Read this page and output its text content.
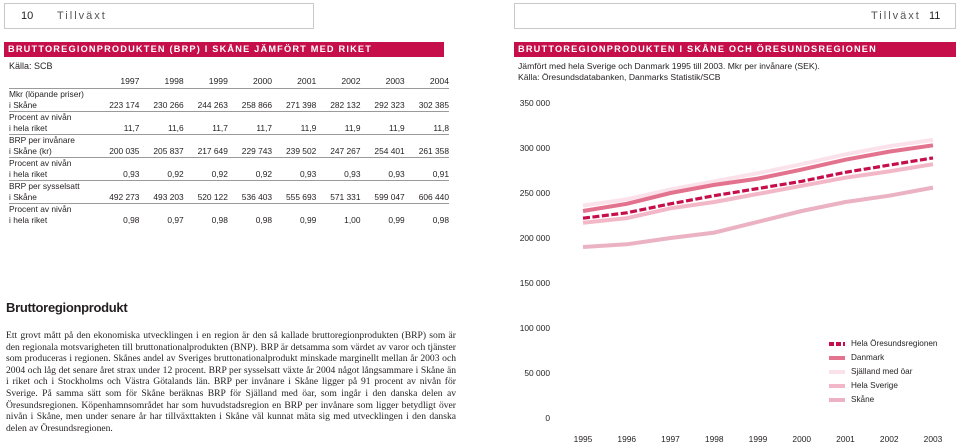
10 Tillväxt	Tillväxt 11
BRUTTOREGIONPRODUKTEN (BRP) I SKÅNE JÄMFÖRT MED RIKET
Källa: SCB
	1997	1998	1999	2000	2001	2002	2003	2004
Mkr (löpande priser)								
i Skåne	223 174	230 266	244 263	258 866	271 398	282 132	292 323	302 385
Procent av nivån								
i hela riket	11,7	11,6	11,7	11,7	11,9	11,9	11,9	11,8
BRP per invånare								
i Skåne (kr)	200 035	205 837	217 649	229 743	239 502	247 267	254 401	261 358
Procent av nivån								
i hela riket	0,93	0,92	0,92	0,92	0,93	0,93	0,93	0,91
BRP per sysselsatt								
i Skåne	492 273	493 203	520 122	536 403	555 693	571 331	599 047	606 440
Procent av nivån								
i hela riket	0,98	0,97	0,98	0,98	0,99	1,00	0,99	0,98
Bruttoregionprodukt

Ett grovt mått på den ekonomiska utvecklingen i en region är den så kallade bruttoregionprodukten (BRP) som är den regionala motsvarigheten till bruttonationalprodukten (BNP). BRP är detsamma som värdet av varor och tjänster som produceras i regionen. Skånes andel av Sveriges bruttonationalprodukt minskade marginellt mellan år 2003 och 2004 och låg det senare året strax under 12 procent. BRP per sysselsatt växte år 2004 något långsammare i Skåne än i riket och i Stockholms och Västra Götalands län. BRP per invånare i Skåne ligger på 91 procent av nivån för Sverige. På samma sätt som för Skåne beräknas BRP för Själland med öar, som ingår i den danska delen av Öresundsregionen. Köpenhamnsområdet har som huvudstadsregion en BRP per invånare som ligger betydligt över nivån i Skåne, men under senare år har tillväxttakten i Skåne väl kunnat mäta sig med utvecklingen i den danska delen av Öresundsregionen.

BRUTTOREGIONPRODUKTEN I SKÅNE OCH ÖRESUNDSREGIONEN
Jämfört med hela Sverige och Danmark 1995 till 2003. Mkr per invånare (SEK).
Källa: Öresundsdatabanken, Danmarks Statistik/SCB
350 000
300 000
250 000
200 000
150 000
100 000
50 000
0
1995	1996	1997	1998	1999	2000	2001	2002	2003
Hela Öresundsregionen
Danmark
Själland med öar
Hela Sverige
Skåne
